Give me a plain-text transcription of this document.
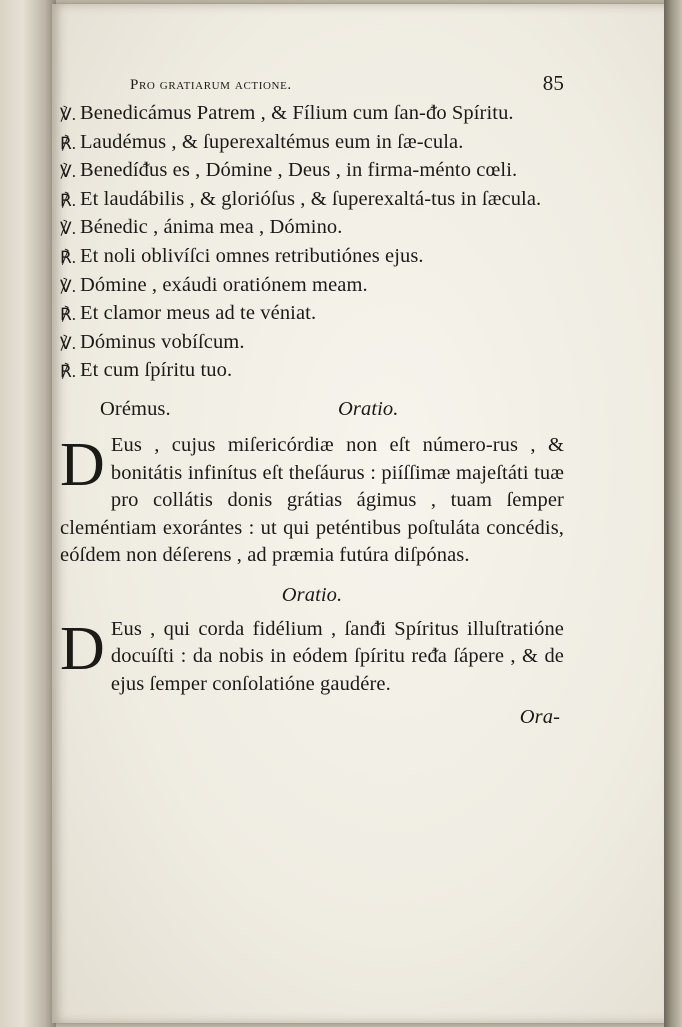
Pro gratiarum actione.	85
℣. Benedicámus Patrem , & Fílium cum ſan-ᵭo Spíritu.
℟. Laudémus , & ſuperexaltémus eum in ſæ-cula.
℣. Benedíᵭus es , Dómine , Deus , in firma-ménto cœli.
℟. Et laudábilis , & glorióſus , & ſuperexaltá-tus in ſæcula.
℣. Bénedic , ánima mea , Dómino.
℟. Et noli oblivíſci omnes retributiónes ejus.
℣. Dómine , exáudi oratiónem meam.
℟. Et clamor meus ad te véniat.
℣. Dóminus vobíſcum.
℟. Et cum ſpíritu tuo.
Orémus.	Oratio.

D Eus , cujus miſericórdiæ non eſt número-rus , & bonitátis infinítus eſt theſáurus : piíſſimæ majeſtáti tuæ pro collátis donis grátias ágimus , tuam ſemper cleméntiam exorántes : ut qui peténtibus poſtuláta concédis, eóſdem non déſerens , ad præmia futúra diſpónas.

Oratio.

D Eus , qui corda fidélium , ſanᵭi Spíritus illuſtratióne docuíſti : da nobis in eódem ſpíritu reᵭa ſápere , & de ejus ſemper conſolatióne gaudére.

Ora-
